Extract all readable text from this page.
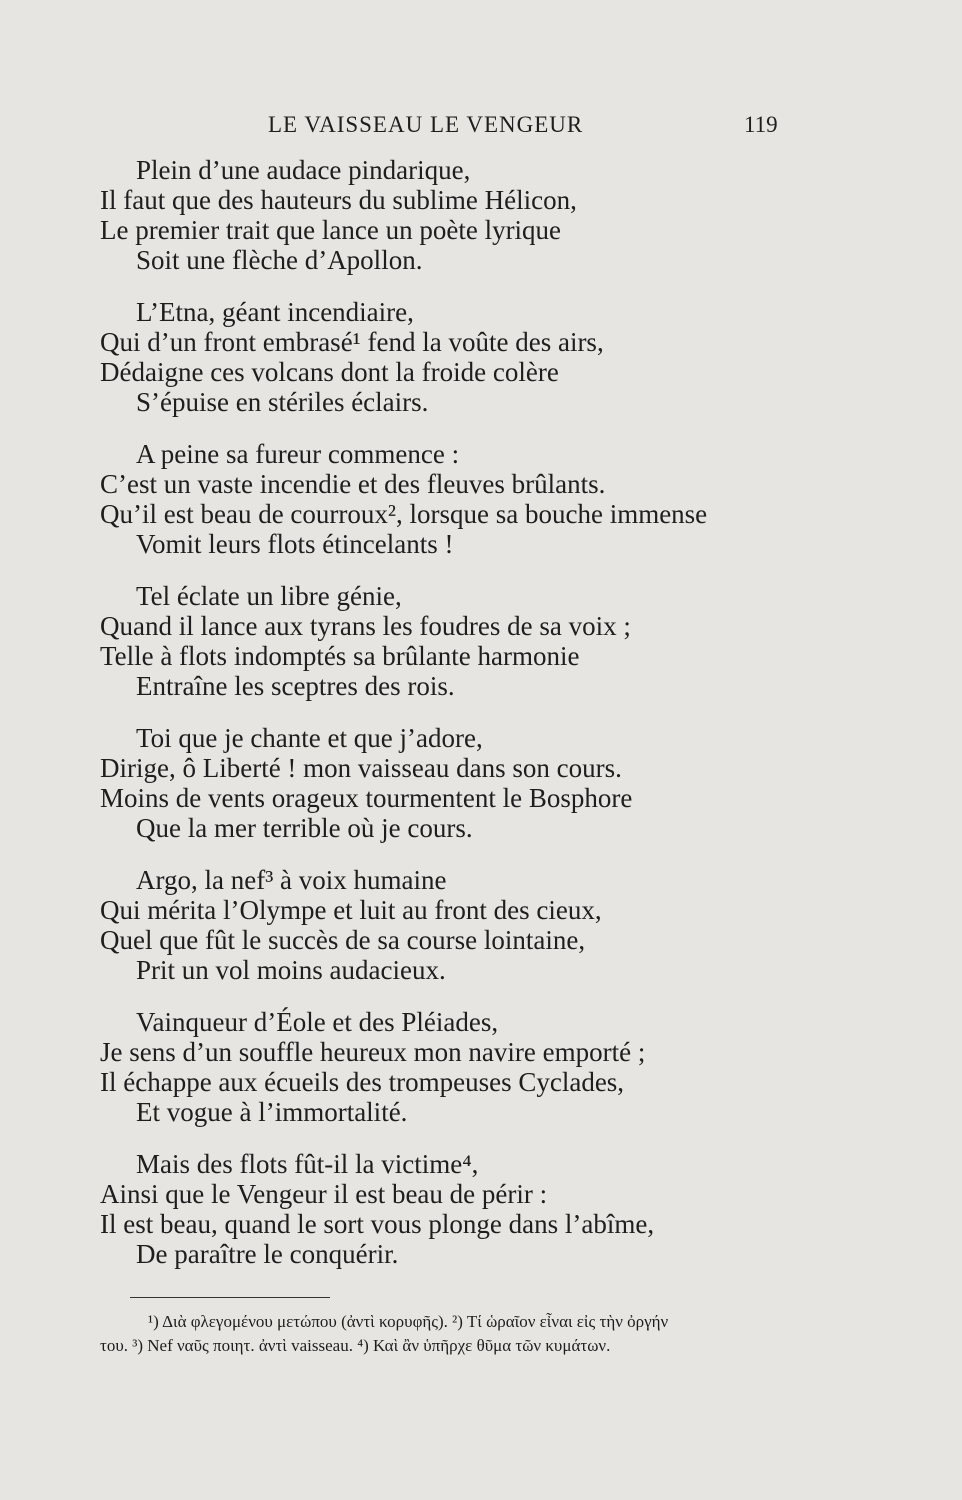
LE VAISSEAU LE VENGEUR	119
Plein d’une audace pindarique,
Il faut que des hauteurs du sublime Hélicon,
Le premier trait que lance un poète lyrique
Soit une flèche d’Apollon.
L’Etna, géant incendiaire,
Qui d’un front embrasé¹ fend la voûte des airs,
Dédaigne ces volcans dont la froide colère
S’épuise en stériles éclairs.
A peine sa fureur commence :
C’est un vaste incendie et des fleuves brûlants.
Qu’il est beau de courroux², lorsque sa bouche immense
Vomit leurs flots étincelants !
Tel éclate un libre génie,
Quand il lance aux tyrans les foudres de sa voix ;
Telle à flots indomptés sa brûlante harmonie
Entraîne les sceptres des rois.
Toi que je chante et que j’adore,
Dirige, ô Liberté ! mon vaisseau dans son cours.
Moins de vents orageux tourmentent le Bosphore
Que la mer terrible où je cours.
Argo, la nef³ à voix humaine
Qui mérita l’Olympe et luit au front des cieux,
Quel que fût le succès de sa course lointaine,
Prit un vol moins audacieux.
Vainqueur d’Éole et des Pléiades,
Je sens d’un souffle heureux mon navire emporté ;
Il échappe aux écueils des trompeuses Cyclades,
Et vogue à l’immortalité.
Mais des flots fût-il la victime⁴,
Ainsi que le Vengeur il est beau de périr :
Il est beau, quand le sort vous plonge dans l’abîme,
De paraître le conquérir.
¹) Διὰ φλεγομένου μετώπου (ἀντὶ κορυφῆς). ²) Τί ὡραῖον εἶναι εἰς τὴν ὀργήν
του. ³) Nef ναῦς ποιητ. ἀντὶ vaisseau. ⁴) Καὶ ἂν ὑπῆρχε θῦμα τῶν κυμάτων.
